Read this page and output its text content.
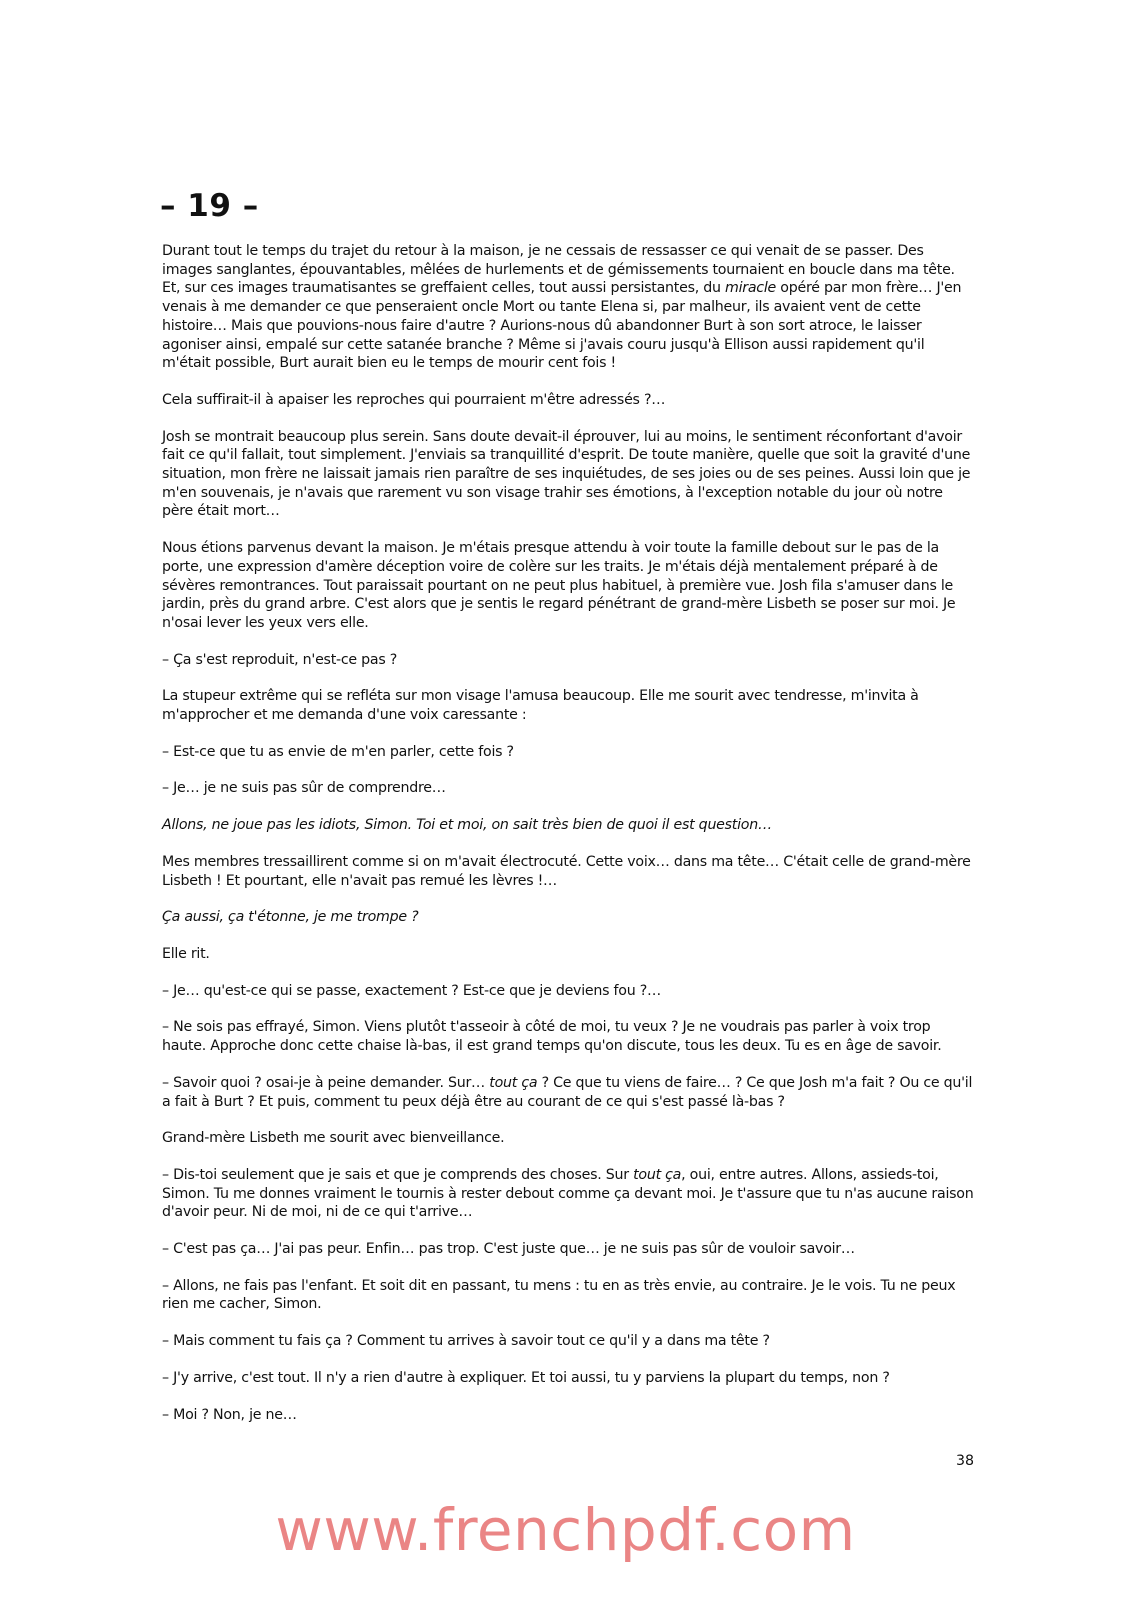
– 19 –

Durant tout le temps du trajet du retour à la maison, je ne cessais de ressasser ce qui venait de se passer. Des images sanglantes, épouvantables, mêlées de hurlements et de gémissements tournaient en boucle dans ma tête. Et, sur ces images traumatisantes se greffaient celles, tout aussi persistantes, du miracle opéré par mon frère… J'en venais à me demander ce que penseraient oncle Mort ou tante Elena si, par malheur, ils avaient vent de cette histoire… Mais que pouvions-nous faire d'autre ? Aurions-nous dû abandonner Burt à son sort atroce, le laisser agoniser ainsi, empalé sur cette satanée branche ? Même si j'avais couru jusqu'à Ellison aussi rapidement qu'il m'était possible, Burt aurait bien eu le temps de mourir cent fois !

Cela suffirait-il à apaiser les reproches qui pourraient m'être adressés ?…

Josh se montrait beaucoup plus serein. Sans doute devait-il éprouver, lui au moins, le sentiment réconfortant d'avoir fait ce qu'il fallait, tout simplement. J'enviais sa tranquillité d'esprit. De toute manière, quelle que soit la gravité d'une situation, mon frère ne laissait jamais rien paraître de ses inquiétudes, de ses joies ou de ses peines. Aussi loin que je m'en souvenais, je n'avais que rarement vu son visage trahir ses émotions, à l'exception notable du jour où notre père était mort…

Nous étions parvenus devant la maison. Je m'étais presque attendu à voir toute la famille debout sur le pas de la porte, une expression d'amère déception voire de colère sur les traits. Je m'étais déjà mentalement préparé à de sévères remontrances. Tout paraissait pourtant on ne peut plus habituel, à première vue. Josh fila s'amuser dans le jardin, près du grand arbre. C'est alors que je sentis le regard pénétrant de grand-mère Lisbeth se poser sur moi. Je n'osai lever les yeux vers elle.

– Ça s'est reproduit, n'est-ce pas ?

La stupeur extrême qui se refléta sur mon visage l'amusa beaucoup. Elle me sourit avec tendresse, m'invita à m'approcher et me demanda d'une voix caressante :

– Est-ce que tu as envie de m'en parler, cette fois ?

– Je… je ne suis pas sûr de comprendre…

Allons, ne joue pas les idiots, Simon. Toi et moi, on sait très bien de quoi il est question…

Mes membres tressaillirent comme si on m'avait électrocuté. Cette voix… dans ma tête… C'était celle de grand-mère Lisbeth ! Et pourtant, elle n'avait pas remué les lèvres !…

Ça aussi, ça t'étonne, je me trompe ?

Elle rit.

– Je… qu'est-ce qui se passe, exactement ? Est-ce que je deviens fou ?…

– Ne sois pas effrayé, Simon. Viens plutôt t'asseoir à côté de moi, tu veux ? Je ne voudrais pas parler à voix trop haute. Approche donc cette chaise là-bas, il est grand temps qu'on discute, tous les deux. Tu es en âge de savoir.

– Savoir quoi ? osai-je à peine demander. Sur… tout ça ? Ce que tu viens de faire… ? Ce que Josh m'a fait ? Ou ce qu'il a fait à Burt ? Et puis, comment tu peux déjà être au courant de ce qui s'est passé là-bas ?

Grand-mère Lisbeth me sourit avec bienveillance.

– Dis-toi seulement que je sais et que je comprends des choses. Sur tout ça, oui, entre autres. Allons, assieds-toi, Simon. Tu me donnes vraiment le tournis à rester debout comme ça devant moi. Je t'assure que tu n'as aucune raison d'avoir peur. Ni de moi, ni de ce qui t'arrive…

– C'est pas ça… J'ai pas peur. Enfin… pas trop. C'est juste que… je ne suis pas sûr de vouloir savoir…

– Allons, ne fais pas l'enfant. Et soit dit en passant, tu mens : tu en as très envie, au contraire. Je le vois. Tu ne peux rien me cacher, Simon.

– Mais comment tu fais ça ? Comment tu arrives à savoir tout ce qu'il y a dans ma tête ?

– J'y arrive, c'est tout. Il n'y a rien d'autre à expliquer. Et toi aussi, tu y parviens la plupart du temps, non ?

– Moi ? Non, je ne…

38
www.frenchpdf.com
